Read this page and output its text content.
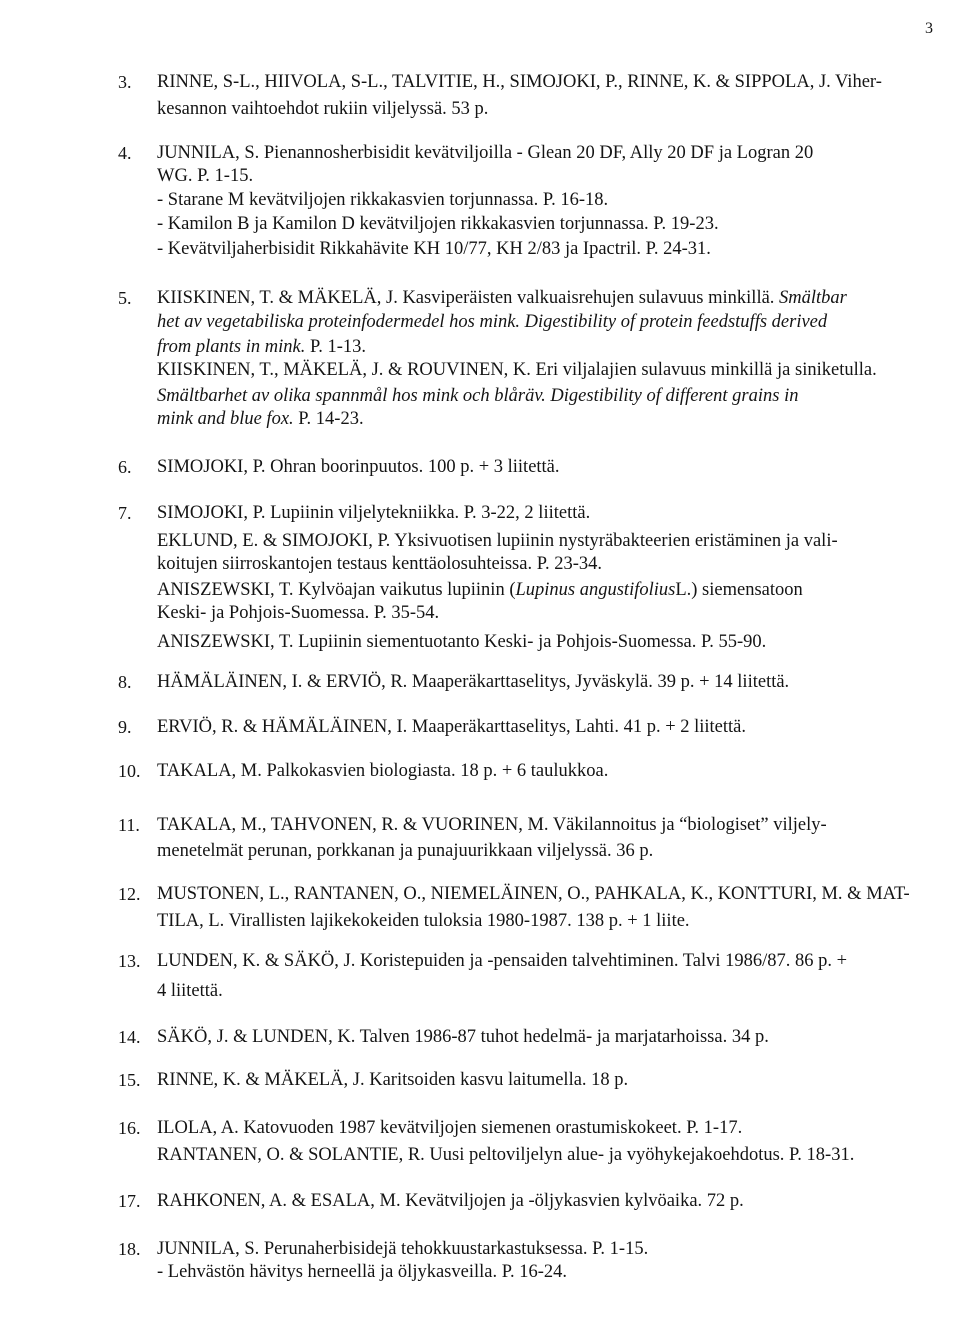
3
3. RINNE, S-L., HIIVOLA, S-L., TALVITIE, H., SIMOJOKI, P., RINNE, K. & SIPPOLA, J. Viher-
kesannon vaihtoehdot rukiin viljelyssä. 53 p.
4. JUNNILA, S. Pienannosherbisidit kevätviljoilla - Glean 20 DF, Ally 20 DF ja Logran 20
WG. P. 1-15.
- Starane M kevätviljojen rikkakasvien torjunnassa. P. 16-18.
- Kamilon B ja Kamilon D kevätviljojen rikkakasvien torjunnassa. P. 19-23.
- Kevätviljaherbisidit Rikkahävite KH 10/77, KH 2/83 ja Ipactril. P. 24-31.
5. KIISKINEN, T. & MÄKELÄ, J. Kasviperäisten valkuaisrehujen sulavuus minkillä. Smältbar
het av vegetabiliska proteinfodermedel hos mink. Digestibility of protein feedstuffs derived
from plants in mink. P. 1-13.
KIISKINEN, T., MÄKELÄ, J. & ROUVINEN, K. Eri viljalajien sulavuus minkillä ja siniketulla.
Smältbarhet av olika spannmål hos mink och blåräv. Digestibility of different grains in
mink and blue fox. P. 14-23.
6. SIMOJOKI, P. Ohran boorinpuutos. 100 p. + 3 liitettä.
7. SIMOJOKI, P. Lupiinin viljelytekniikka. P. 3-22, 2 liitettä.
EKLUND, E. & SIMOJOKI, P. Yksivuotisen lupiinin nystyräbakteerien eristäminen ja vali-
koitujen siirroskantojen testaus kenttäolosuhteissa. P. 23-34.
ANISZEWSKI, T. Kylvöajan vaikutus lupiinin (Lupinus angustifoliusL.) siemensatoon
Keski- ja Pohjois-Suomessa. P. 35-54.
ANISZEWSKI, T. Lupiinin siementuotanto Keski- ja Pohjois-Suomessa. P. 55-90.
8. HÄMÄLÄINEN, I. & ERVIÖ, R. Maaperäkarttaselitys, Jyväskylä. 39 p. + 14 liitettä.
9. ERVIÖ, R. & HÄMÄLÄINEN, I. Maaperäkarttaselitys, Lahti. 41 p. + 2 liitettä.
10. TAKALA, M. Palkokasvien biologiasta. 18 p. + 6 taulukkoa.
11. TAKALA, M., TAHVONEN, R. & VUORINEN, M. Väkilannoitus ja “biologiset” viljely-
menetelmät perunan, porkkanan ja punajuurikkaan viljelyssä. 36 p.
12. MUSTONEN, L., RANTANEN, O., NIEMELÄINEN, O., PAHKALA, K., KONTTURI, M. & MAT-
TILA, L. Virallisten lajikekokeiden tuloksia 1980-1987. 138 p. + 1 liite.
13. LUNDEN, K. & SÄKÖ, J. Koristepuiden ja -pensaiden talvehtiminen. Talvi 1986/87. 86 p. +
4 liitettä.
14. SÄKÖ, J. & LUNDEN, K. Talven 1986-87 tuhot hedelmä- ja marjatarhoissa. 34 p.
15. RINNE, K. & MÄKELÄ, J. Karitsoiden kasvu laitumella. 18 p.
16. ILOLA, A. Katovuoden 1987 kevätviljojen siemenen orastumiskokeet. P. 1-17.
RANTANEN, O. & SOLANTIE, R. Uusi peltoviljelyn alue- ja vyöhykejakoehdotus. P. 18-31.
17. RAHKONEN, A. & ESALA, M. Kevätviljojen ja -öljykasvien kylvöaika. 72 p.
18. JUNNILA, S. Perunaherbisidejä tehokkuustarkastuksessa. P. 1-15.
- Lehvästön hävitys herneellä ja öljykasveilla. P. 16-24.
